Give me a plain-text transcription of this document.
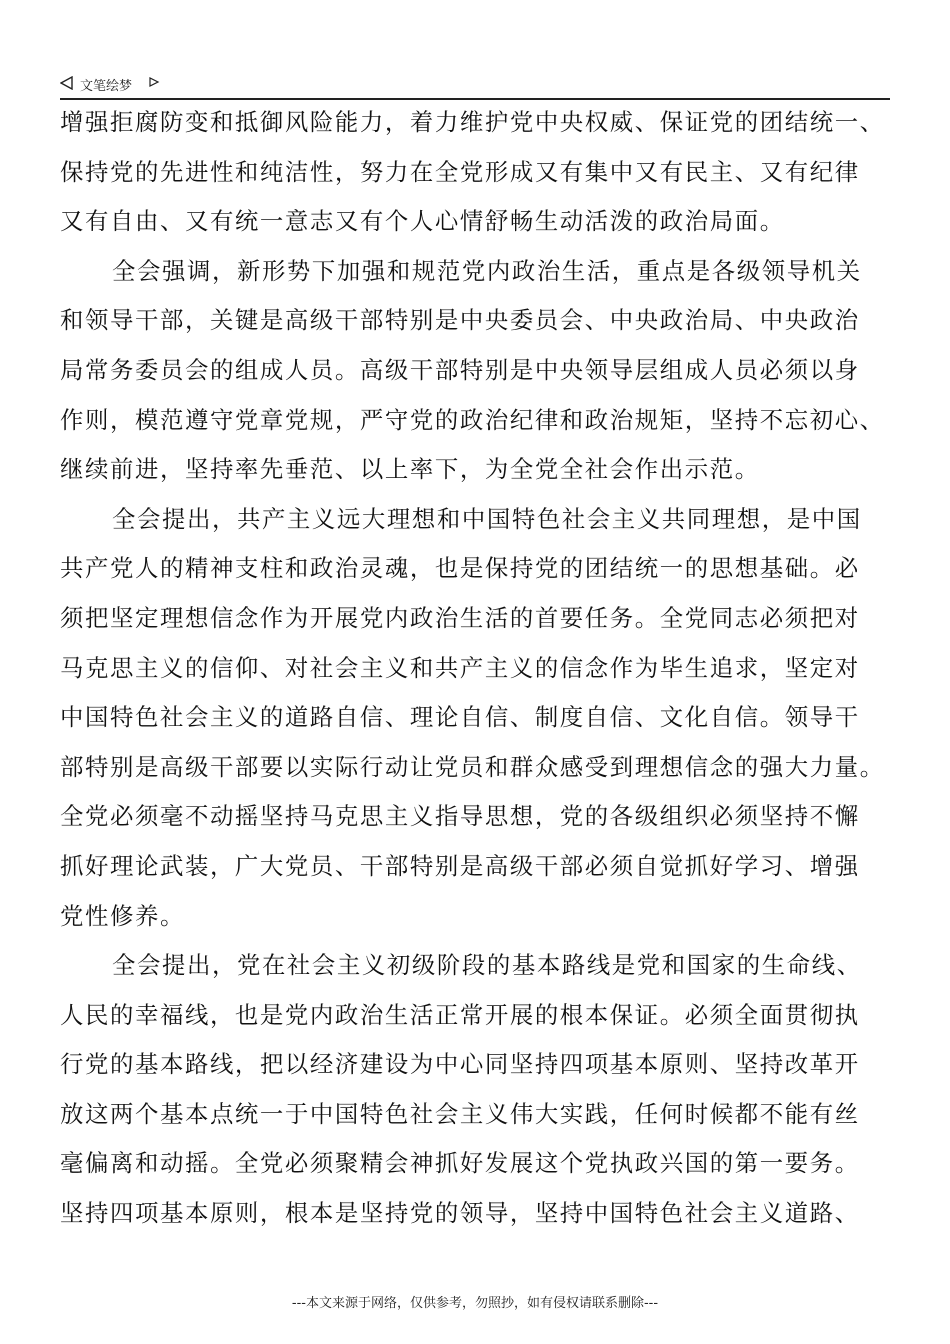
文笔绘梦
增强拒腐防变和抵御风险能力，着力维护党中央权威、保证党的团结统一、
保持党的先进性和纯洁性，努力在全党形成又有集中又有民主、又有纪律
又有自由、又有统一意志又有个人心情舒畅生动活泼的政治局面。
全会强调，新形势下加强和规范党内政治生活，重点是各级领导机关
和领导干部，关键是高级干部特别是中央委员会、中央政治局、中央政治
局常务委员会的组成人员。高级干部特别是中央领导层组成人员必须以身
作则，模范遵守党章党规，严守党的政治纪律和政治规矩，坚持不忘初心、
继续前进，坚持率先垂范、以上率下，为全党全社会作出示范。
全会提出，共产主义远大理想和中国特色社会主义共同理想，是中国
共产党人的精神支柱和政治灵魂，也是保持党的团结统一的思想基础。必
须把坚定理想信念作为开展党内政治生活的首要任务。全党同志必须把对
马克思主义的信仰、对社会主义和共产主义的信念作为毕生追求，坚定对
中国特色社会主义的道路自信、理论自信、制度自信、文化自信。领导干
部特别是高级干部要以实际行动让党员和群众感受到理想信念的强大力量。
全党必须毫不动摇坚持马克思主义指导思想，党的各级组织必须坚持不懈
抓好理论武装，广大党员、干部特别是高级干部必须自觉抓好学习、增强
党性修养。
全会提出，党在社会主义初级阶段的基本路线是党和国家的生命线、
人民的幸福线，也是党内政治生活正常开展的根本保证。必须全面贯彻执
行党的基本路线，把以经济建设为中心同坚持四项基本原则、坚持改革开
放这两个基本点统一于中国特色社会主义伟大实践，任何时候都不能有丝
毫偏离和动摇。全党必须聚精会神抓好发展这个党执政兴国的第一要务。
坚持四项基本原则，根本是坚持党的领导，坚持中国特色社会主义道路、
---本文来源于网络，仅供参考，勿照抄，如有侵权请联系删除---
